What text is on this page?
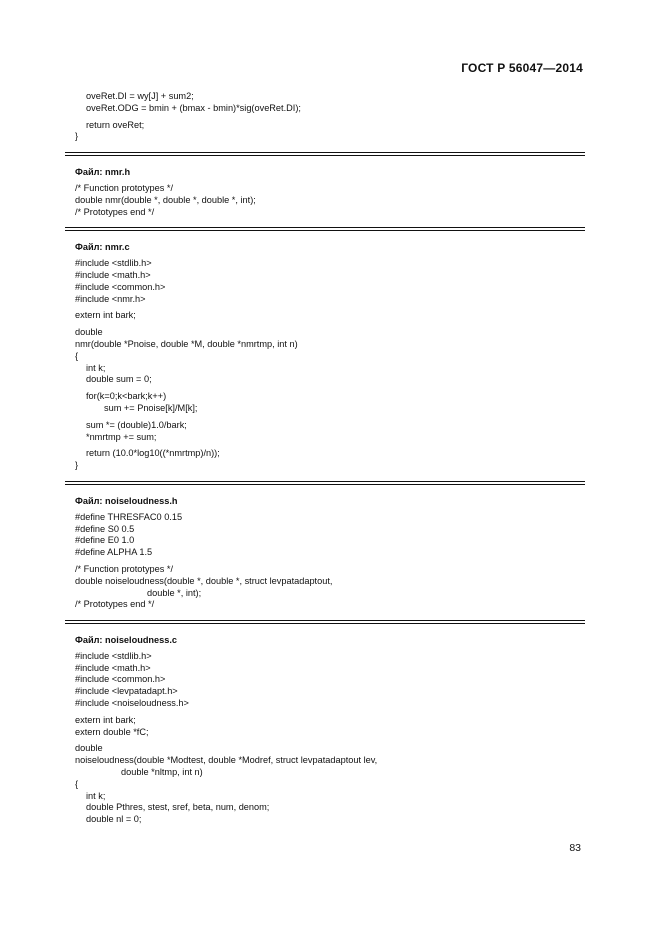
ГОСТ Р 56047—2014
oveRet.DI = wy[J] + sum2;
oveRet.ODG = bmin + (bmax - bmin)*sig(oveRet.DI);
return oveRet;
}
Файл: nmr.h
/* Function prototypes */
double nmr(double *, double *, double *, int);
/* Prototypes end */
Файл: nmr.c
#include <stdlib.h>
#include <math.h>
#include <common.h>
#include <nmr.h>
extern int bark;
double
nmr(double *Pnoise, double *M, double *nmrtmp, int n)
{
int k;
double sum = 0;
for(k=0;k<bark;k++)
sum += Pnoise[k]/M[k];
sum *= (double)1.0/bark;
*nmrtmp += sum;
return (10.0*log10((*nmrtmp)/n));
}
Файл: noiseloudness.h
#define THRESFAC0 0.15
#define S0 0.5
#define E0 1.0
#define ALPHA 1.5
/* Function prototypes */
double noiseloudness(double *, double *, struct levpatadaptout,
double *, int);
/* Prototypes end */
Файл: noiseloudness.c
#include <stdlib.h>
#include <math.h>
#include <common.h>
#include <levpatadapt.h>
#include <noiseloudness.h>
extern int bark;
extern double *fC;
double
noiseloudness(double *Modtest, double *Modref, struct levpatadaptout lev,
double *nltmp, int n)
{
int k;
double Pthres, stest, sref, beta, num, denom;
double nl = 0;
83
